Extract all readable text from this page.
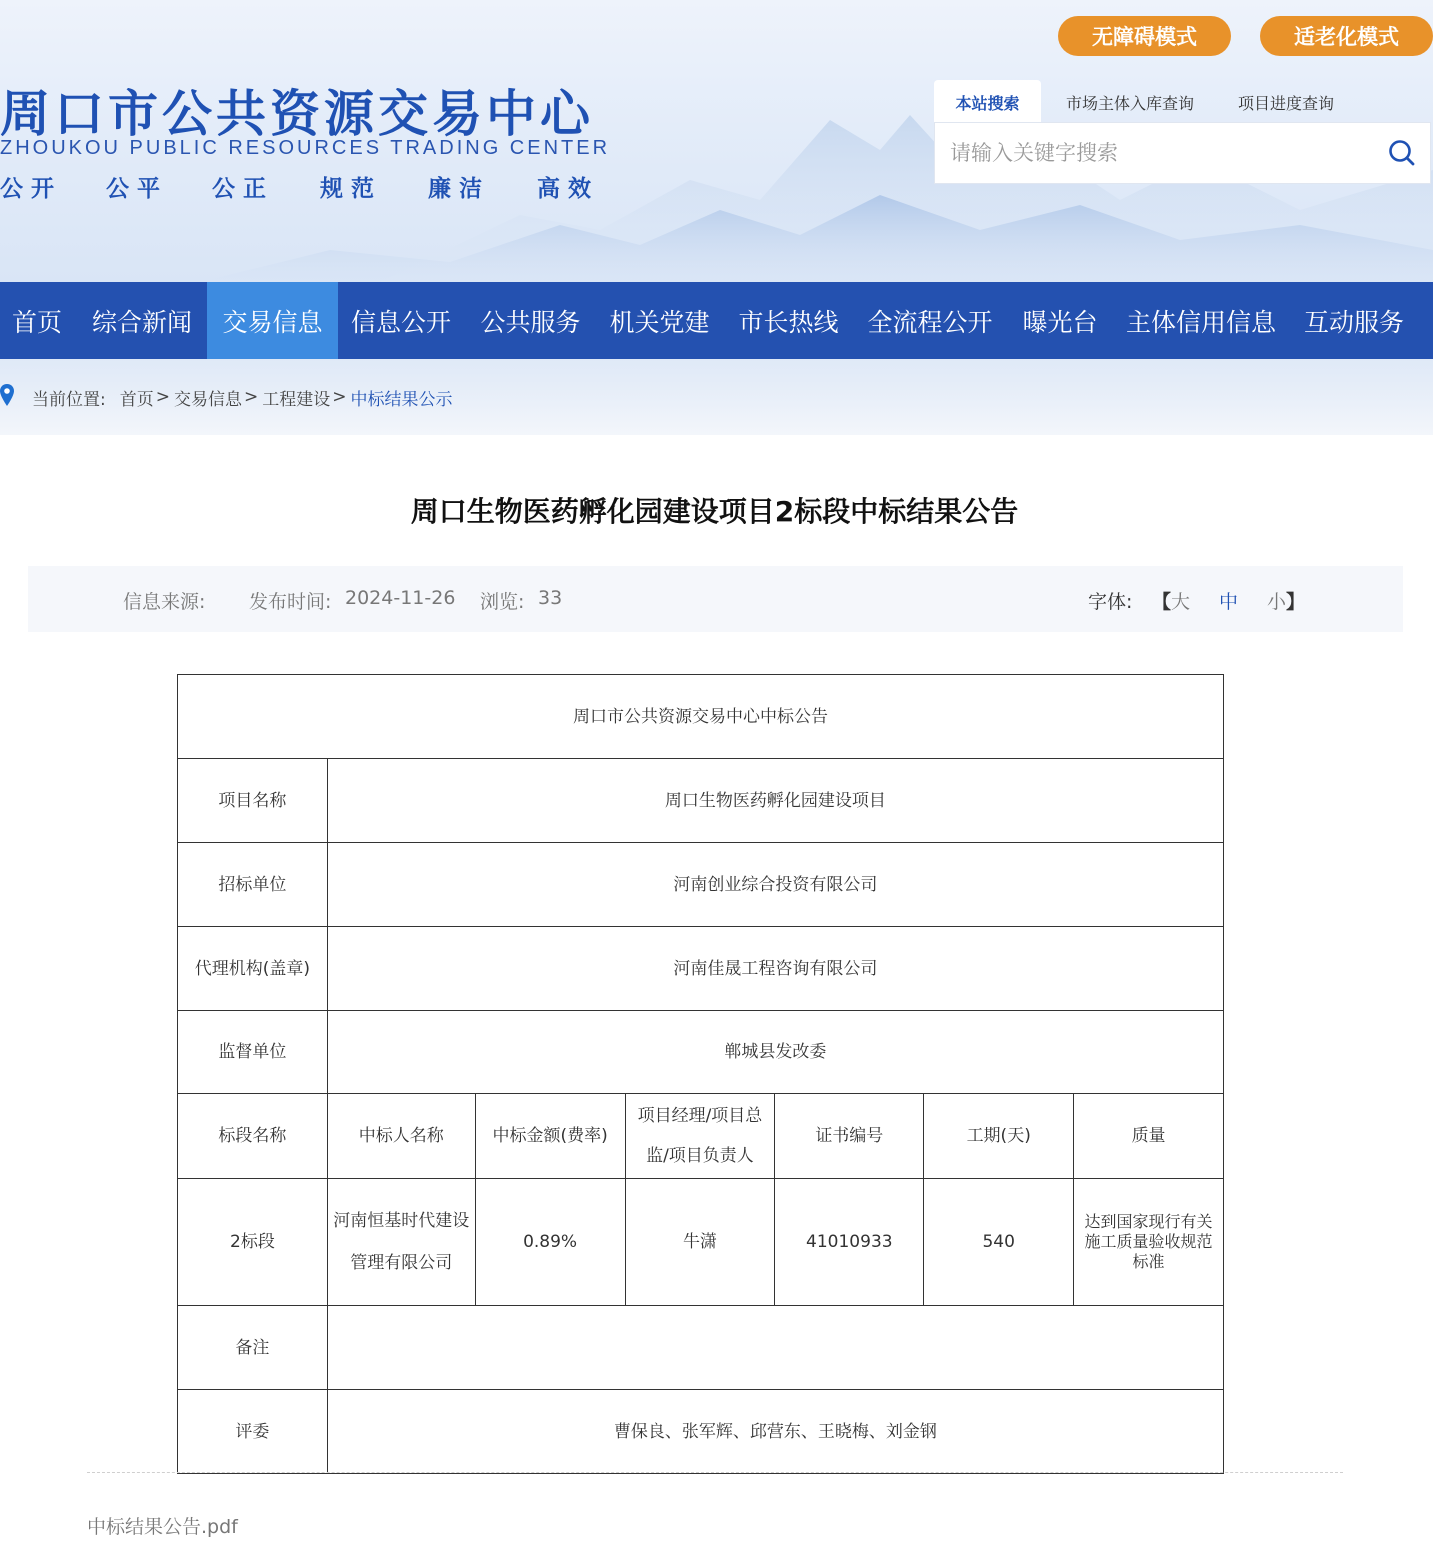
周口市公共资源交易中心
ZHOUKOU PUBLIC RESOURCES TRADING CENTER
公开 公平 公正 规范 廉洁 高效
无障碍模式	适老化模式
本站搜索	市场主体入库查询	项目进度查询
请输入关键字搜索
首页	综合新闻	交易信息	信息公开	公共服务	机关党建	市长热线	全流程公开	曝光台	主体信用信息	互动服务
当前位置: 首页 > 交易信息 > 工程建设 > 中标结果公示
周口生物医药孵化园建设项目2标段中标结果公告
信息来源: 发布时间: 2024-11-26 浏览: 33	字体: 【 大 中 小 】
周口市公共资源交易中心中标公告						
项目名称	周口生物医药孵化园建设项目					
招标单位	河南创业综合投资有限公司					
代理机构(盖章)	河南佳晟工程咨询有限公司					
监督单位	郸城县发改委					
标段名称	中标人名称	中标金额(费率)	项目经理/项目总监/项目负责人	证书编号	工期(天)	质量
2标段	河南恒基时代建设管理有限公司	0.89%	牛潇	41010933	540	达到国家现行有关施工质量验收规范标准
备注						
评委	曹保良、张军辉、邱营东、王晓梅、刘金钢					
中标结果公告.pdf
